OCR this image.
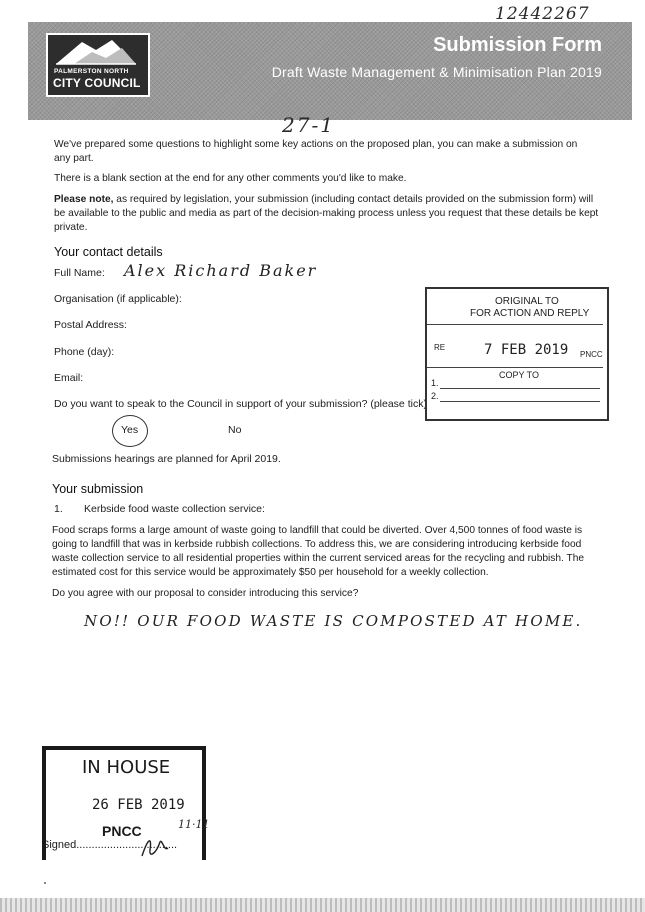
12442267
PALMERSTON NORTH
CITY COUNCIL
Submission Form
Draft Waste Management & Minimisation Plan 2019
27-1
We've prepared some questions to highlight some key actions on the proposed plan, you can make a submission on any part.
There is a blank section at the end for any other comments you'd like to make.
Please note, as required by legislation, your submission (including contact details provided on the submission form) will be available to the public and media as part of the decision-making process unless you request that these details be kept private.
Your contact details
Full Name: Alex Richard Baker
Organisation (if applicable):
Postal Address:
Phone (day):
Email:
Do you want to speak to the Council in support of your submission? (please tick)
Yes	No
Submissions hearings are planned for April 2019.
ORIGINAL TO
FOR ACTION AND REPLY
RE	7 FEB 2019 PNCC
COPY TO
1.
2.
Your submission
1. Kerbside food waste collection service:
Food scraps forms a large amount of waste going to landfill that could be diverted. Over 4,500 tonnes of food waste is going to landfill that was in kerbside rubbish collections. To address this, we are considering introducing kerbside food waste collection service to all residential properties within the current serviced areas for the recycling and rubbish. The estimated cost for this service would be approximately $50 per household for a weekly collection.
Do you agree with our proposal to consider introducing this service?
NO!! OUR FOOD WASTE IS COMPOSTED AT HOME.
IN HOUSE
26 FEB 2019
PNCC
Signed.................................
11·11
